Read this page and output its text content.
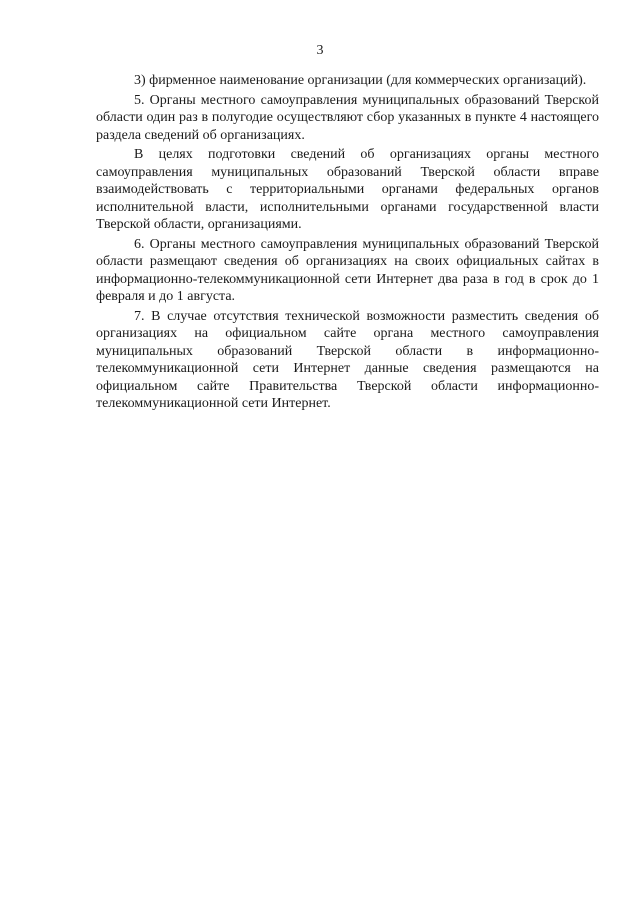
3

3) фирменное наименование организации (для коммерческих организаций).

5. Органы местного самоуправления муниципальных образований Тверской области один раз в полугодие осуществляют сбор указанных в пункте 4 настоящего раздела сведений об организациях.

В целях подготовки сведений об организациях органы местного самоуправления муниципальных образований Тверской области вправе взаимодействовать с территориальными органами федеральных органов исполнительной власти, исполнительными органами государственной власти Тверской области, организациями.

6. Органы местного самоуправления муниципальных образований Тверской области размещают сведения об организациях на своих официальных сайтах в информационно-телекоммуникационной сети Интернет два раза в год в срок до 1 февраля и до 1 августа.

7. В случае отсутствия технической возможности разместить сведения об организациях на официальном сайте органа местного самоуправления муниципальных образований Тверской области в информационно-телекоммуникационной сети Интернет данные сведения размещаются на официальном сайте Правительства Тверской области информационно-телекоммуникационной сети Интернет.
